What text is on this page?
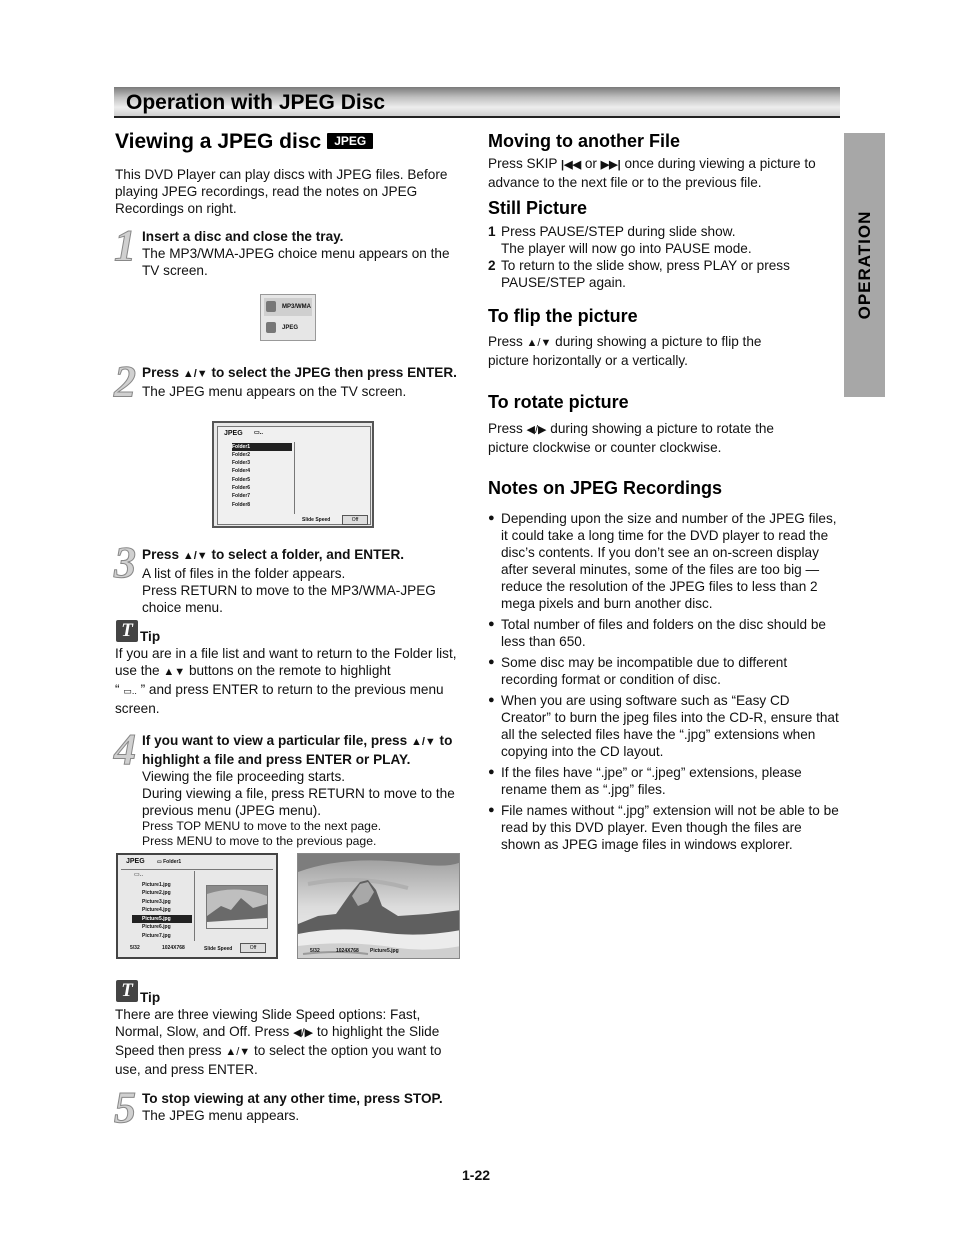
Operation with JPEG Disc
OPERATION
Viewing a JPEG disc JPEG
This DVD Player can play discs with JPEG files. Before playing JPEG recordings, read the notes on JPEG Recordings on right.
1 Insert a disc and close the tray.
The MP3/WMA-JPEG choice menu appears on the TV screen.
MP3/WMA
JPEG
2 Press ▲/▼ to select the JPEG then press ENTER.
The JPEG menu appears on the TV screen.
JPEG ▭..
Folder1
Folder2
Folder3
Folder4
Folder5
Folder6
Folder7
Folder8
Slide Speed	Off
3 Press ▲/▼ to select a folder, and ENTER.
A list of files in the folder appears.
Press RETURN to move to the MP3/WMA-JPEG choice menu.
T Tip
If you are in a file list and want to return to the Folder list, use the ▲▼ buttons on the remote to highlight
“ ▭.. ” and press ENTER to return to the previous menu screen.
4 If you want to view a particular file, press ▲/▼ to highlight a file and press ENTER or PLAY.
Viewing the file proceeding starts.
During viewing a file, press RETURN to move to the previous menu (JPEG menu).
Press TOP MENU to move to the next page.
Press MENU to move to the previous page.
JPEG ▭ Folder1
▭..
Picture1.jpg
Picture2.jpg
Picture3.jpg
Picture4.jpg
Picture5.jpg
Picture6.jpg
Picture7.jpg
5/32	1024X768	Slide Speed	Off	5/32	1024X768 Picture5.jpg
T Tip
There are three viewing Slide Speed options: Fast, Normal, Slow, and Off. Press ◀/▶ to highlight the Slide Speed then press ▲/▼ to select the option you want to use, and press ENTER.
5 To stop viewing at any other time, press STOP.
The JPEG menu appears.
Moving to another File
Press SKIP |◀◀ or ▶▶| once during viewing a picture to advance to the next file or to the previous file.
Still Picture
1 Press PAUSE/STEP during slide show.
The player will now go into PAUSE mode.
2 To return to the slide show, press PLAY or press PAUSE/STEP again.
To flip the picture
Press ▲/▼ during showing a picture to flip the picture horizontally or a vertically.
To rotate picture
Press ◀/▶ during showing a picture to rotate the picture clockwise or counter clockwise.
Notes on JPEG Recordings
● Depending upon the size and number of the JPEG files, it could take a long time for the DVD player to read the disc’s contents. If you don’t see an on-screen display after several minutes, some of the files are too big — reduce the resolution of the JPEG files to less than 2 mega pixels and burn another disc.
● Total number of files and folders on the disc should be less than 650.
● Some disc may be incompatible due to different recording format or condition of disc.
● When you are using software such as “Easy CD Creator” to burn the jpeg files into the CD-R, ensure that all the selected files have the “.jpg” extensions when copying into the CD layout.
● If the files have “.jpe” or “.jpeg” extensions, please rename them as “.jpg” files.
● File names without “.jpg” extension will not be able to be read by this DVD player. Even though the files are shown as JPEG image files in windows explorer.
1-22
